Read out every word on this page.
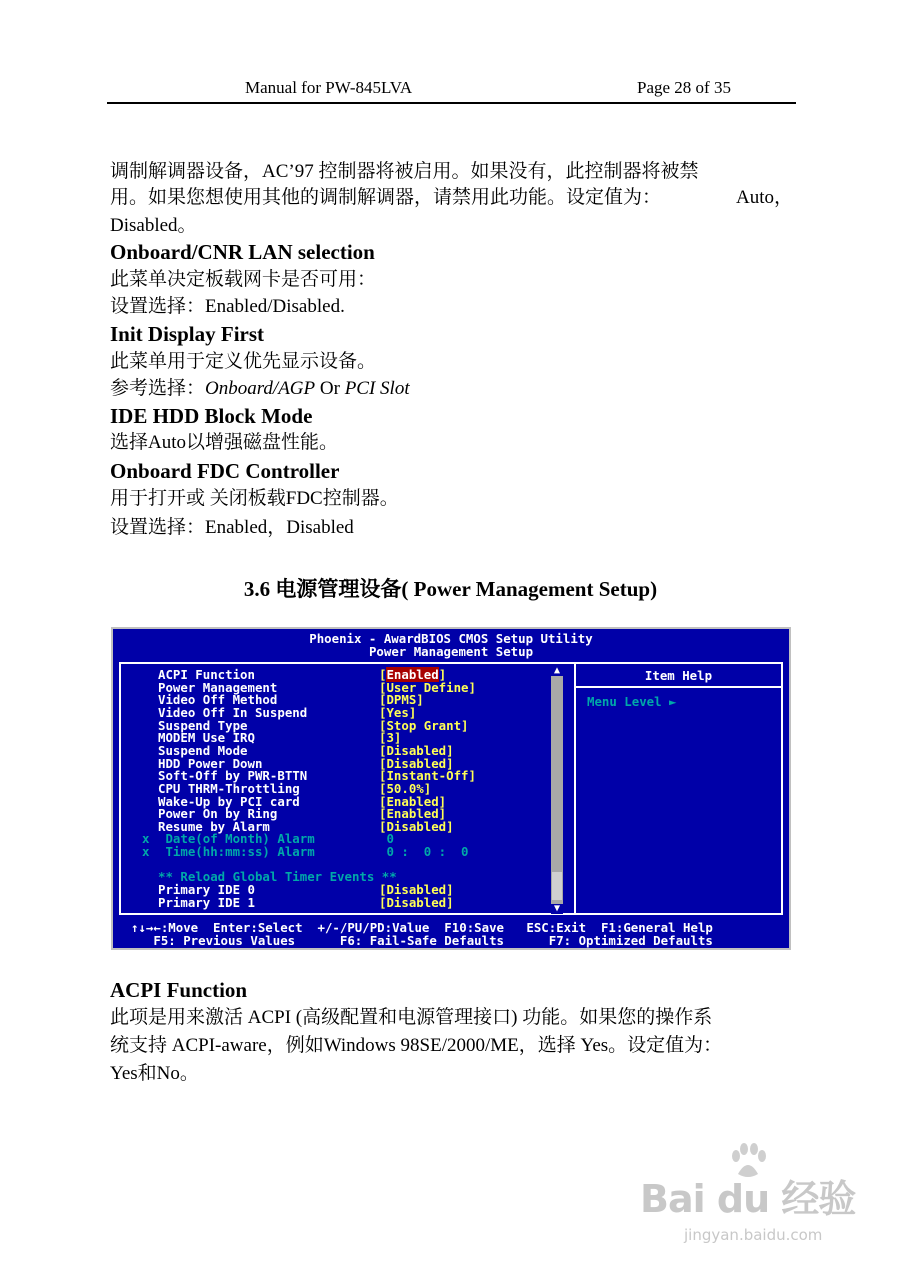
Manual for PW-845LVA	Page 28 of 35
调制解调器设备，AC’97 控制器将被启用。如果没有，此控制器将被禁
用。如果您想使用其他的调制解调器，请禁用此功能。设定值为：	Auto，
Disabled。
Onboard/CNR LAN selection
此菜单决定板载网卡是否可用：
设置选择：Enabled/Disabled.
Init Display First
此菜单用于定义优先显示设备。
参考选择：Onboard/AGP Or PCI Slot
IDE HDD Block Mode
选择Auto以增强磁盘性能。
Onboard FDC Controller
用于打开或 关闭板载FDC控制器。
设置选择：Enabled，Disabled
3.6 电源管理设备( Power Management Setup)
Phoenix - AwardBIOS CMOS Setup Utility
Power Management Setup
Item Help
Menu Level ►
ACPI Function	[Enabled]
Power Management	[User Define]
Video Off Method	[DPMS]
Video Off In Suspend	[Yes]
Suspend Type	[Stop Grant]
MODEM Use IRQ	[3]
Suspend Mode	[Disabled]
HDD Power Down	[Disabled]
Soft-Off by PWR-BTTN	[Instant-Off]
CPU THRM-Throttling	[50.0%]
Wake-Up by PCI card	[Enabled]
Power On by Ring	[Enabled]
Resume by Alarm	[Disabled]
x Date(of Month) Alarm	0
x Time(hh:mm:ss) Alarm	0 :  0 :  0
** Reload Global Timer Events **
Primary IDE 0	[Disabled]
Primary IDE 1	[Disabled]
▲
▼
↑↓→←:Move  Enter:Select  +/-/PU/PD:Value  F10:Save   ESC:Exit  F1:General Help
F5: Previous Values      F6: Fail-Safe Defaults      F7: Optimized Defaults
ACPI Function
此项是用来激活 ACPI (高级配置和电源管理接口) 功能。如果您的操作系
统支持 ACPI-aware，例如Windows 98SE/2000/ME，选择 Yes。设定值为：
Yes和No。
Bai du 经验
jingyan.baidu.com
